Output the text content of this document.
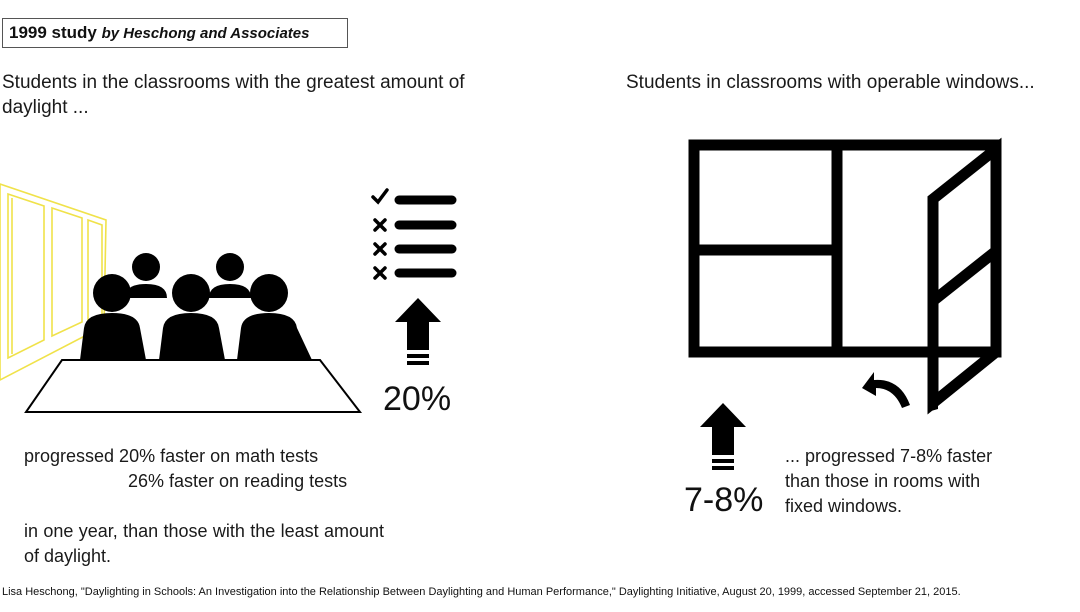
1999 study by Heschong and Associates
Students in the classrooms with the greatest amount of daylight ...
20%
progressed 20% faster on math tests
26% faster on reading tests
in one year, than those with the least amount of daylight.
Students in classrooms with operable windows...
7-8%
... progressed 7-8% faster than those in rooms with fixed windows.
Lisa Heschong, "Daylighting in Schools: An Investigation into the Relationship Between Daylighting and Human Performance," Daylighting Initiative, August 20, 1999, accessed September 21, 2015.
